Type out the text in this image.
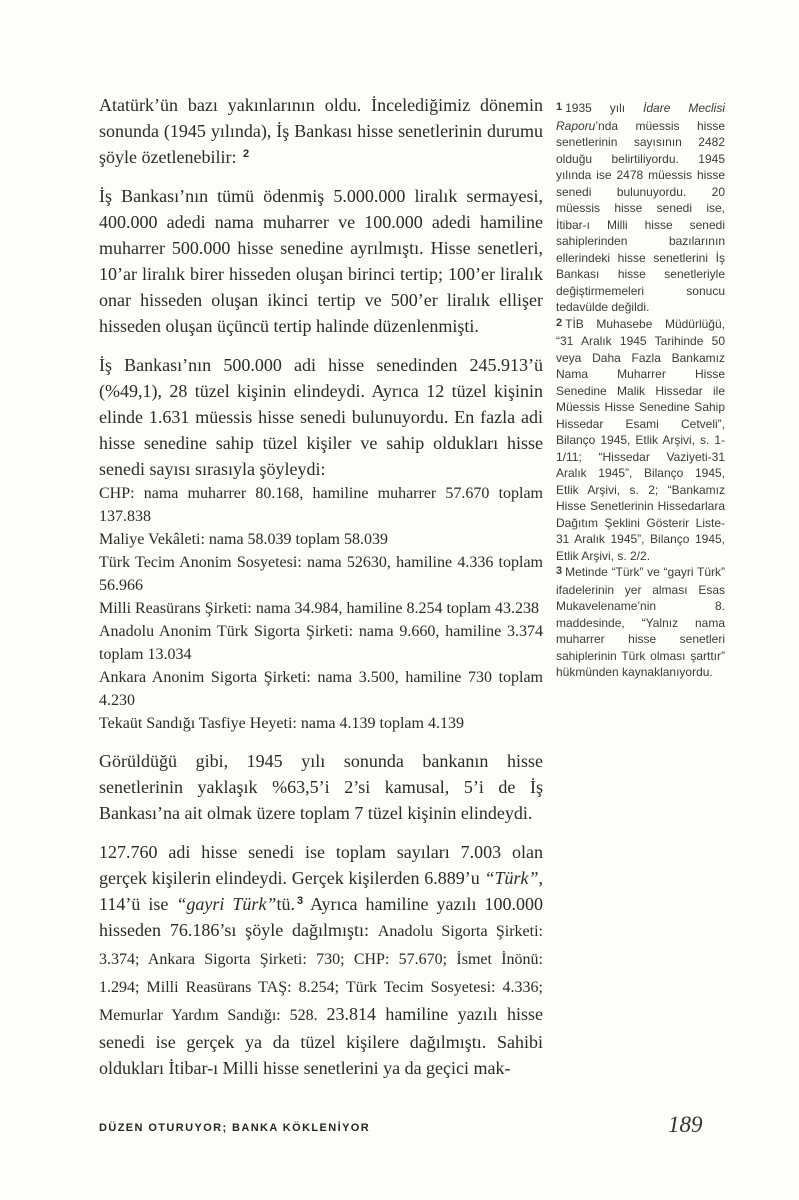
Atatürk’ün bazı yakınlarının oldu. İncelediğimiz dönemin sonunda (1945 yılında), İş Bankası hisse senetlerinin durumu şöyle özetlenebilir: $^2$

İş Bankası’nın tümü ödenmiş 5.000.000 liralık sermayesi, 400.000 adedi nama muharrer ve 100.000 adedi hamiline muharrer 500.000 hisse senedine ayrılmıştı. Hisse senetleri, 10’ar liralık birer hisseden oluşan birinci tertip; 100’er liralık onar hisseden oluşan ikinci tertip ve 500’er liralık ellişer hisseden oluşan üçüncü tertip halinde düzenlenmişti.

İş Bankası’nın 500.000 adi hisse senedinden 245.913’ü (%49,1), 28 tüzel kişinin elindeydi. Ayrıca 12 tüzel kişinin elinde 1.631 müessis hisse senedi bulunuyordu. En fazla adi hisse senedine sahip tüzel kişiler ve sahip oldukları hisse senedi sayısı sırasıyla şöyleydi:

CHP: nama muharrer 80.168, hamiline muharrer 57.670 toplam 137.838

Maliye Vekâleti: nama 58.039 toplam 58.039

Türk Tecim Anonim Sosyetesi: nama 52630, hamiline 4.336 toplam 56.966

Milli Reasürans Şirketi: nama 34.984, hamiline 8.254 toplam 43.238

Anadolu Anonim Türk Sigorta Şirketi: nama 9.660, hamiline 3.374 toplam 13.034

Ankara Anonim Sigorta Şirketi: nama 3.500, hamiline 730 toplam 4.230

Tekaüt Sandığı Tasfiye Heyeti: nama 4.139 toplam 4.139

Görüldüğü gibi, 1945 yılı sonunda bankanın hisse senetlerinin yaklaşık %63,5’i 2’si kamusal, 5’i de İş Bankası’na ait olmak üzere toplam 7 tüzel kişinin elindeydi.

127.760 adi hisse senedi ise toplam sayıları 7.003 olan gerçek kişilerin elindeydi. Gerçek kişilerden 6.889’u “Türk”, 114’ü ise “gayri Türk”tü. $^3$ Ayrıca hamiline yazılı 100.000 hisseden 76.186’sı şöyle dağılmıştı: Anadolu Sigorta Şirketi: 3.374; Ankara Sigorta Şirketi: 730; CHP: 57.670; İsmet İnönü: 1.294; Milli Reasürans TAŞ: 8.254; Türk Tecim Sosyetesi: 4.336; Memurlar Yardım Sandığı: 528. 23.814 hamiline yazılı hisse senedi ise gerçek ya da tüzel kişilere dağılmıştı. Sahibi oldukları İtibar-ı Milli hisse senetlerini ya da geçici mak-

1 1935 yılı İdare Meclisi Raporu’nda müessis hisse senetlerinin sayısının 2482 olduğu belirtiliyordu. 1945 yılında ise 2478 müessis hisse senedi bulunuyordu. 20 müessis hisse senedi ise, İtibar-ı Milli hisse senedi sahiplerinden bazılarının ellerindeki hisse senetlerini İş Bankası hisse senetleriyle değiştirmemeleri sonucu tedavülde değildi.
2 TİB Muhasebe Müdürlüğü, “31 Aralık 1945 Tarihinde 50 veya Daha Fazla Bankamız Nama Muharrer Hisse Senedine Malik Hissedar ile Müessis Hisse Senedine Sahip Hissedar Esami Cetveli”, Bilanço 1945, Etlik Arşivi, s. 1-1/11; “Hissedar Vaziyeti-31 Aralık 1945”, Bilanço 1945, Etlik Arşivi, s. 2; “Bankamız Hisse Senetlerinin Hissedarlara Dağıtım Şeklini Gösterir Liste-31 Aralık 1945”, Bilanço 1945, Etlik Arşivi, s. 2/2.
3 Metinde “Türk” ve “gayri Türk” ifadelerinin yer alması Esas Mukavelename’nin 8. maddesinde, “Yalnız nama muharrer hisse senetleri sahiplerinin Türk olması şarttır” hükmünden kaynaklanıyordu.
DÜZEN OTURUYOR; BANKA KÖKLENİYOR	189
